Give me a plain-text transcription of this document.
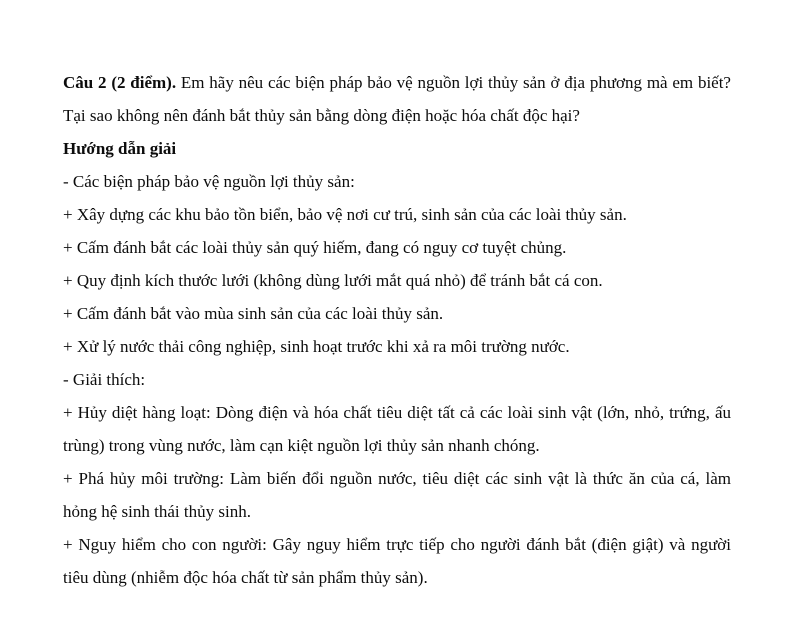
Câu 2 (2 điểm). Em hãy nêu các biện pháp bảo vệ nguồn lợi thủy sản ở địa phương mà em biết? Tại sao không nên đánh bắt thủy sản bằng dòng điện hoặc hóa chất độc hại?

Hướng dẫn giải

- Các biện pháp bảo vệ nguồn lợi thủy sản:

+ Xây dựng các khu bảo tồn biển, bảo vệ nơi cư trú, sinh sản của các loài thủy sản.

+ Cấm đánh bắt các loài thủy sản quý hiếm, đang có nguy cơ tuyệt chủng.

+ Quy định kích thước lưới (không dùng lưới mắt quá nhỏ) để tránh bắt cá con.

+ Cấm đánh bắt vào mùa sinh sản của các loài thủy sản.

+ Xử lý nước thải công nghiệp, sinh hoạt trước khi xả ra môi trường nước.

- Giải thích:

+ Hủy diệt hàng loạt: Dòng điện và hóa chất tiêu diệt tất cả các loài sinh vật (lớn, nhỏ, trứng, ấu trùng) trong vùng nước, làm cạn kiệt nguồn lợi thủy sản nhanh chóng.

+ Phá hủy môi trường: Làm biến đổi nguồn nước, tiêu diệt các sinh vật là thức ăn của cá, làm hỏng hệ sinh thái thủy sinh.

+ Nguy hiểm cho con người: Gây nguy hiểm trực tiếp cho người đánh bắt (điện giật) và người tiêu dùng (nhiễm độc hóa chất từ sản phẩm thủy sản).
